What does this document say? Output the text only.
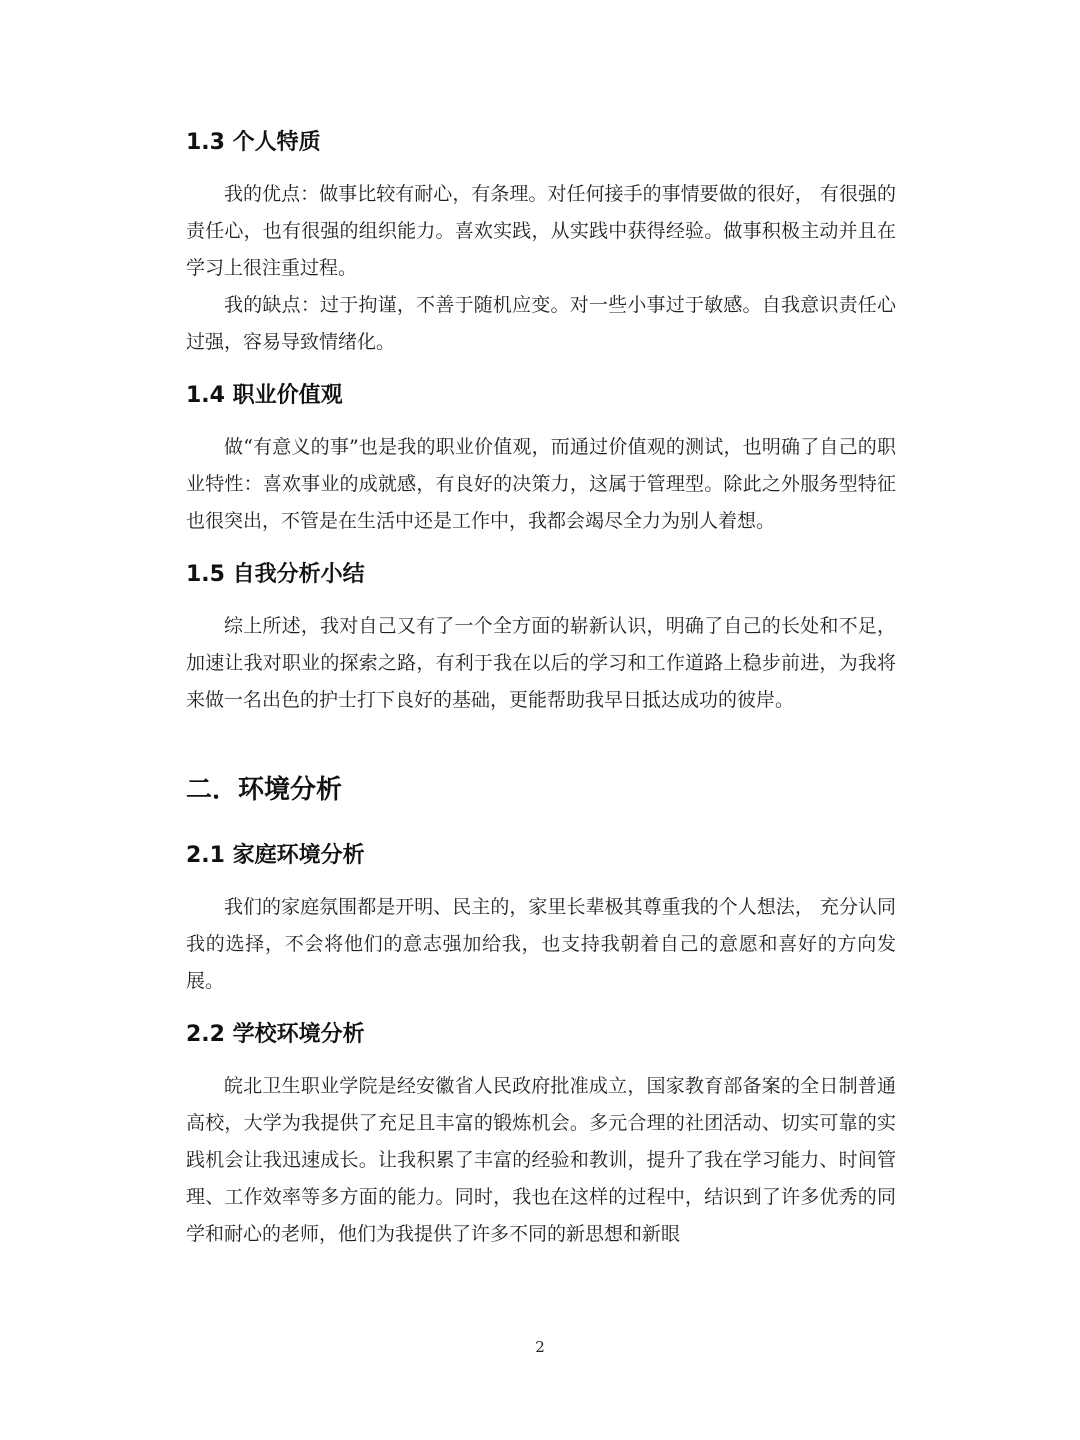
1.3 个人特质

我的优点：做事比较有耐心，有条理。对任何接手的事情要做的很好， 有很强的责任心，也有很强的组织能力。喜欢实践，从实践中获得经验。做事积极主动并且在学习上很注重过程。

我的缺点：过于拘谨，不善于随机应变。对一些小事过于敏感。自我意识责任心过强，容易导致情绪化。

1.4 职业价值观

做“有意义的事”也是我的职业价值观，而通过价值观的测试，也明确了自己的职业特性：喜欢事业的成就感，有良好的决策力，这属于管理型。除此之外服务型特征也很突出，不管是在生活中还是工作中，我都会竭尽全力为别人着想。

1.5 自我分析小结

综上所述，我对自己又有了一个全方面的崭新认识，明确了自己的长处和不足，加速让我对职业的探索之路，有利于我在以后的学习和工作道路上稳步前进，为我将来做一名出色的护士打下良好的基础，更能帮助我早日抵达成功的彼岸。

二．环境分析
2.1 家庭环境分析

我们的家庭氛围都是开明、民主的，家里长辈极其尊重我的个人想法， 充分认同我的选择，不会将他们的意志强加给我，也支持我朝着自己的意愿和喜好的方向发展。

2.2 学校环境分析

皖北卫生职业学院是经安徽省人民政府批准成立，国家教育部备案的全日制普通高校，大学为我提供了充足且丰富的锻炼机会。多元合理的社团活动、切实可靠的实践机会让我迅速成长。让我积累了丰富的经验和教训，提升了我在学习能力、时间管理、工作效率等多方面的能力。同时，我也在这样的过程中，结识到了许多优秀的同学和耐心的老师，他们为我提供了许多不同的新思想和新眼

2
